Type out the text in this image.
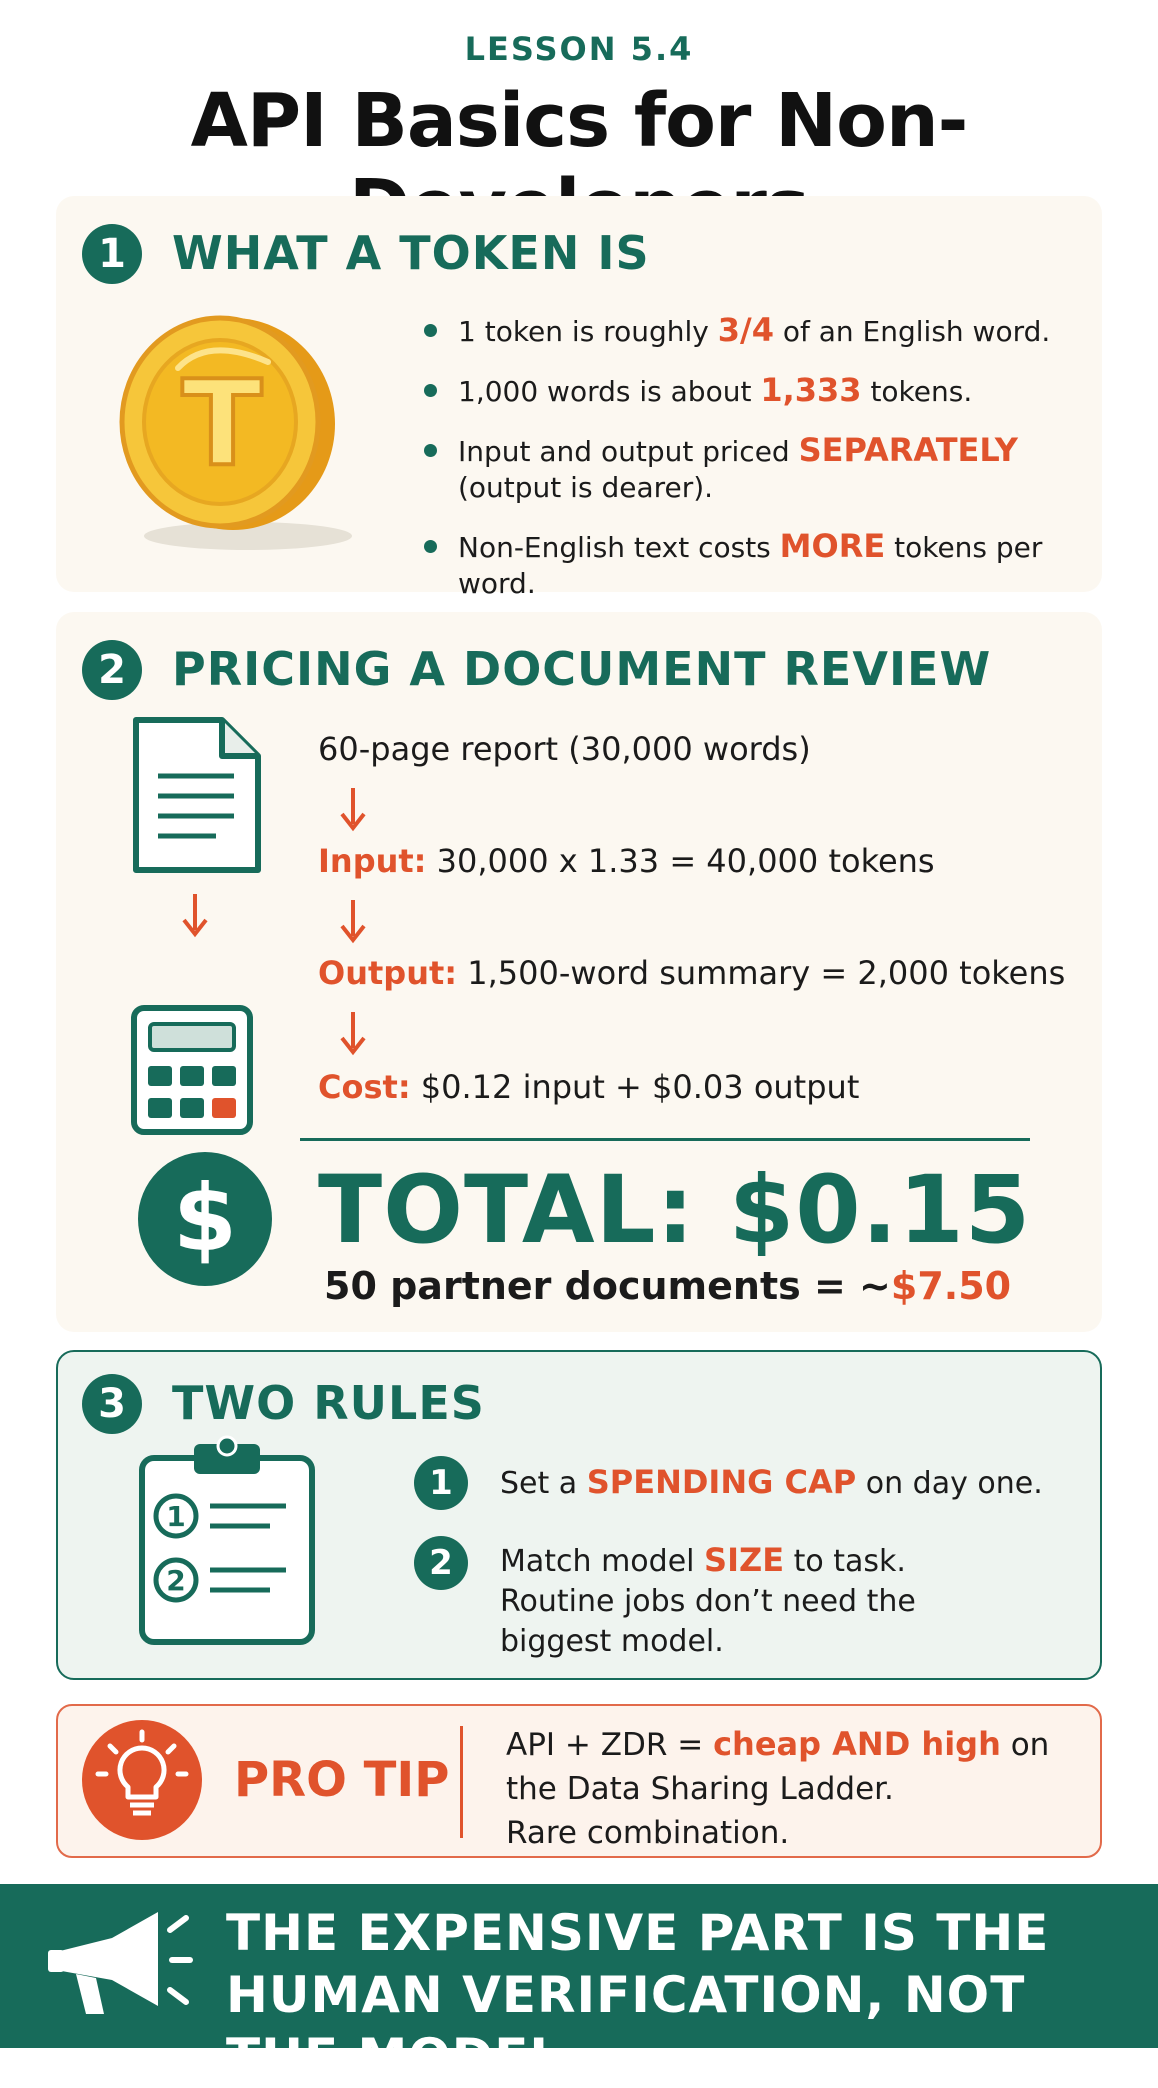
LESSON 5.4
API Basics for Non-
1	WHAT A TOKEN IS
T
1 token is roughly 3/4 of an English word.
1,000 words is about 1,333 tokens.
Input and output priced SEPARATELY
(output is dearer).
Non-English text costs MORE tokens per word.
2	PRICING A DOCUMENT REVIEW
60-page report (30,000 words)
Input: 30,000 x 1.33 = 40,000 tokens
Output: 1,500-word summary = 2,000 tokens
Cost: $0.12 input + $0.03 output
$ TOTAL: $0.15
50 partner documents = ~$7.50
3	TWO RULES
1
2
1	Set a SPENDING CAP on day one.
2	Match model SIZE to task.
Routine jobs don’t need the biggest model.
PRO TIP
API + ZDR = cheap AND high on the Data Sharing Ladder.
Rare combination.
THE EXPENSIVE PART IS THE
HUMAN VERIFICATION, NOT THE MODEL.
